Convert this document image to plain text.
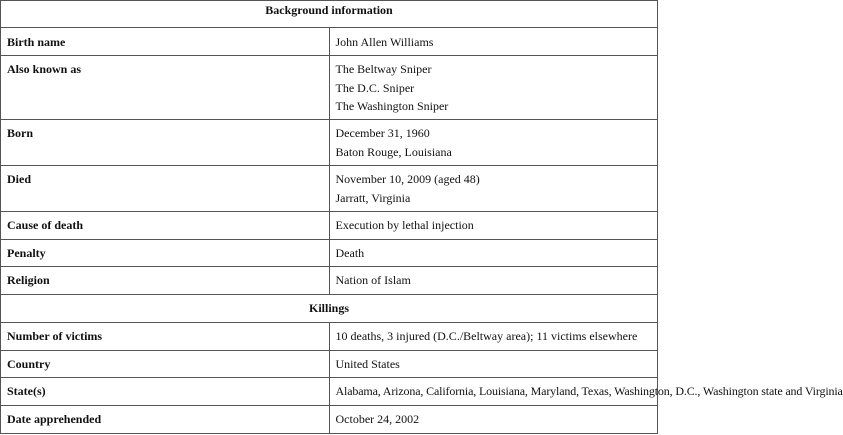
Background information	
Birth name	John Allen Williams

Also known as	The Beltway Sniper
The D.C. Sniper
The Washington Sniper

Born	December 31, 1960
Baton Rouge, Louisiana

Died	November 10, 2009 (aged 48)
Jarratt, Virginia

Cause of death	Execution by lethal injection

Penalty	Death

Religion	Nation of Islam

Killings	
Number of victims	10 deaths, 3 injured (D.C./Beltway area); 11 victims elsewhere

Country	United States

State(s)	Alabama, Arizona, California, Louisiana, Maryland, Texas, Washington, D.C., Washington state and Virginia

Date apprehended	October 24, 2002
